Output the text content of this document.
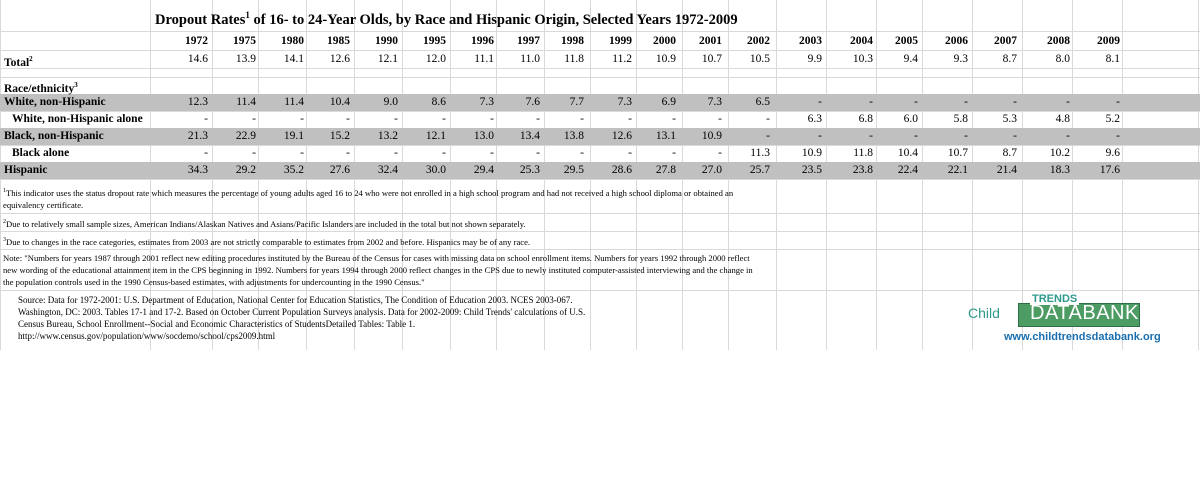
Dropout Rates$^1$ of 16- to 24-Year Olds, by Race and Hispanic Origin, Selected Years 1972-2009
1972	1975	1980	1985	1990	1995	1996	1997	1998	1999	2000	2001	2002	2003	2004	2005	2006	2007	2008	2009
Total$^2$	14.6	13.9	14.1	12.6	12.1	12.0	11.1	11.0	11.8	11.2	10.9	10.7	10.5	9.9	10.3	9.4	9.3	8.7	8.0	8.1
Race/ethnicity$^3$
White, non-Hispanic	12.3	11.4	11.4	10.4	9.0	8.6	7.3	7.6	7.7	7.3	6.9	7.3	6.5	-	-	-	-	-	-	-
White, non-Hispanic alone	-	-	-	-	-	-	-	-	-	-	-	-	-	6.3	6.8	6.0	5.8	5.3	4.8	5.2
Black, non-Hispanic	21.3	22.9	19.1	15.2	13.2	12.1	13.0	13.4	13.8	12.6	13.1	10.9	-	-	-	-	-	-	-	-
Black alone	-	-	-	-	-	-	-	-	-	-	-	-	11.3	10.9	11.8	10.4	10.7	8.7	10.2	9.6
Hispanic	34.3	29.2	35.2	27.6	32.4	30.0	29.4	25.3	29.5	28.6	27.8	27.0	25.7	23.5	23.8	22.4	22.1	21.4	18.3	17.6
$^1$This indicator uses the status dropout rate which measures the percentage of young adults aged 16 to 24 who were not enrolled in a high school program and had not received a high school diploma or obtained an
equivalency certificate.
$^2$Due to relatively small sample sizes, American Indians/Alaskan Natives and Asians/Pacific Islanders are included in the total but not shown separately.
$^3$Due to changes in the race categories, estimates from 2003 are not strictly comparable to estimates from 2002 and before. Hispanics may be of any race.
Note: "Numbers for years 1987 through 2001 reflect new editing procedures instituted by the Bureau of the Census for cases with missing data on school enrollment items. Numbers for years 1992 through 2000 reflect
new wording of the educational attainment item in the CPS beginning in 1992. Numbers for years 1994 through 2000 reflect changes in the CPS due to newly instituted computer-assisted interviewing and the change in
the population controls used in the 1990 Census-based estimates, with adjustments for undercounting in the 1990 Census."
Source: Data for 1972-2001: U.S. Department of Education, National Center for Education Statistics, The Condition of Education 2003. NCES 2003-067.
Washington, DC: 2003. Tables 17-1 and 17-2. Based on October Current Population Surveys analysis. Data for 2002-2009: Child Trends' calculations of U.S.
Census Bureau, School Enrollment--Social and Economic Characteristics of StudentsDetailed Tables: Table 1.
http://www.census.gov/population/www/socdemo/school/cps2009.html
Child
TRENDS
DATABANK
www.childtrendsdatabank.org
